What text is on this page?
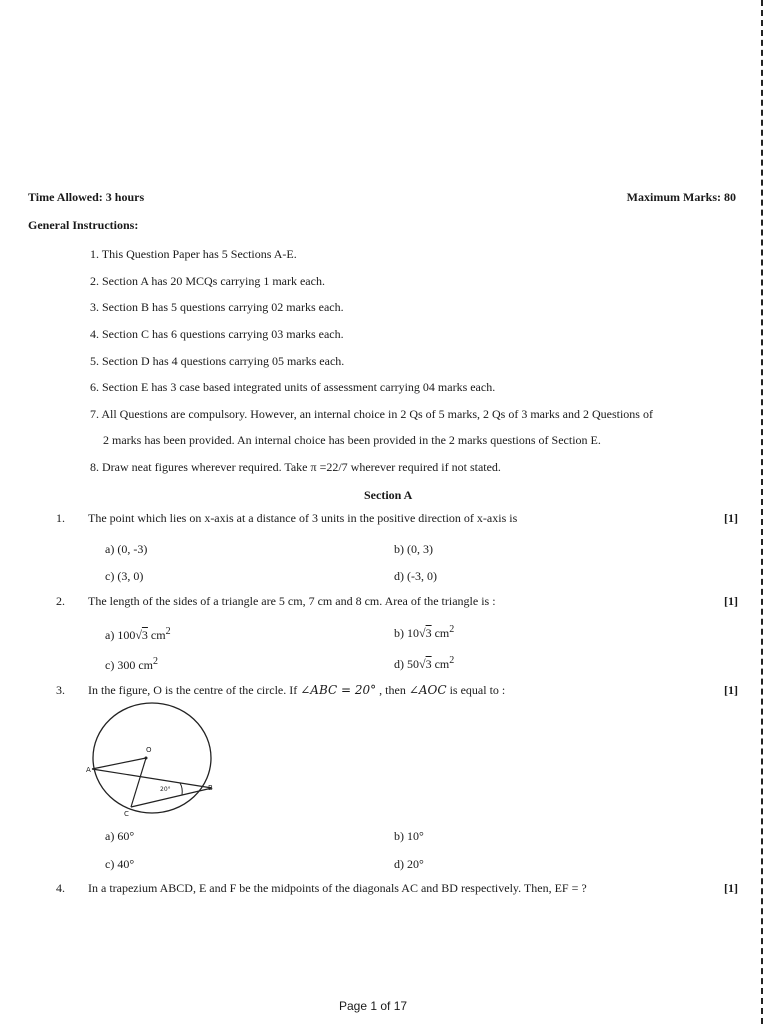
Time Allowed: 3 hours	Maximum Marks: 80
General Instructions:
1. This Question Paper has 5 Sections A-E.
2. Section A has 20 MCQs carrying 1 mark each.
3. Section B has 5 questions carrying 02 marks each.
4. Section C has 6 questions carrying 03 marks each.
5. Section D has 4 questions carrying 05 marks each.
6. Section E has 3 case based integrated units of assessment carrying 04 marks each.
7. All Questions are compulsory. However, an internal choice in 2 Qs of 5 marks, 2 Qs of 3 marks and 2 Questions of
2 marks has been provided. An internal choice has been provided in the 2 marks questions of Section E.
8. Draw neat figures wherever required. Take π =22/7 wherever required if not stated.
Section A
1. The point which lies on x-axis at a distance of 3 units in the positive direction of x-axis is	[1]
a) (0, -3)	b) (0, 3)
c) (3, 0)	d) (-3, 0)
2. The length of the sides of a triangle are 5 cm, 7 cm and 8 cm. Area of the triangle is :	[1]
a) 100√3 $cm^2$	b) 10√3 $cm^2$
c) 300 $cm^2$	d) 50√3 $cm^2$
3. In the figure, O is the centre of the circle. If ∠ABC = 20° , then ∠AOC is equal to :	[1]
O
A
B
C
20°
a) 60°	b) 10°
c) 40°	d) 20°
4. In a trapezium ABCD, E and F be the midpoints of the diagonals AC and BD respectively. Then, EF = ?	[1]
Page 1 of 17
